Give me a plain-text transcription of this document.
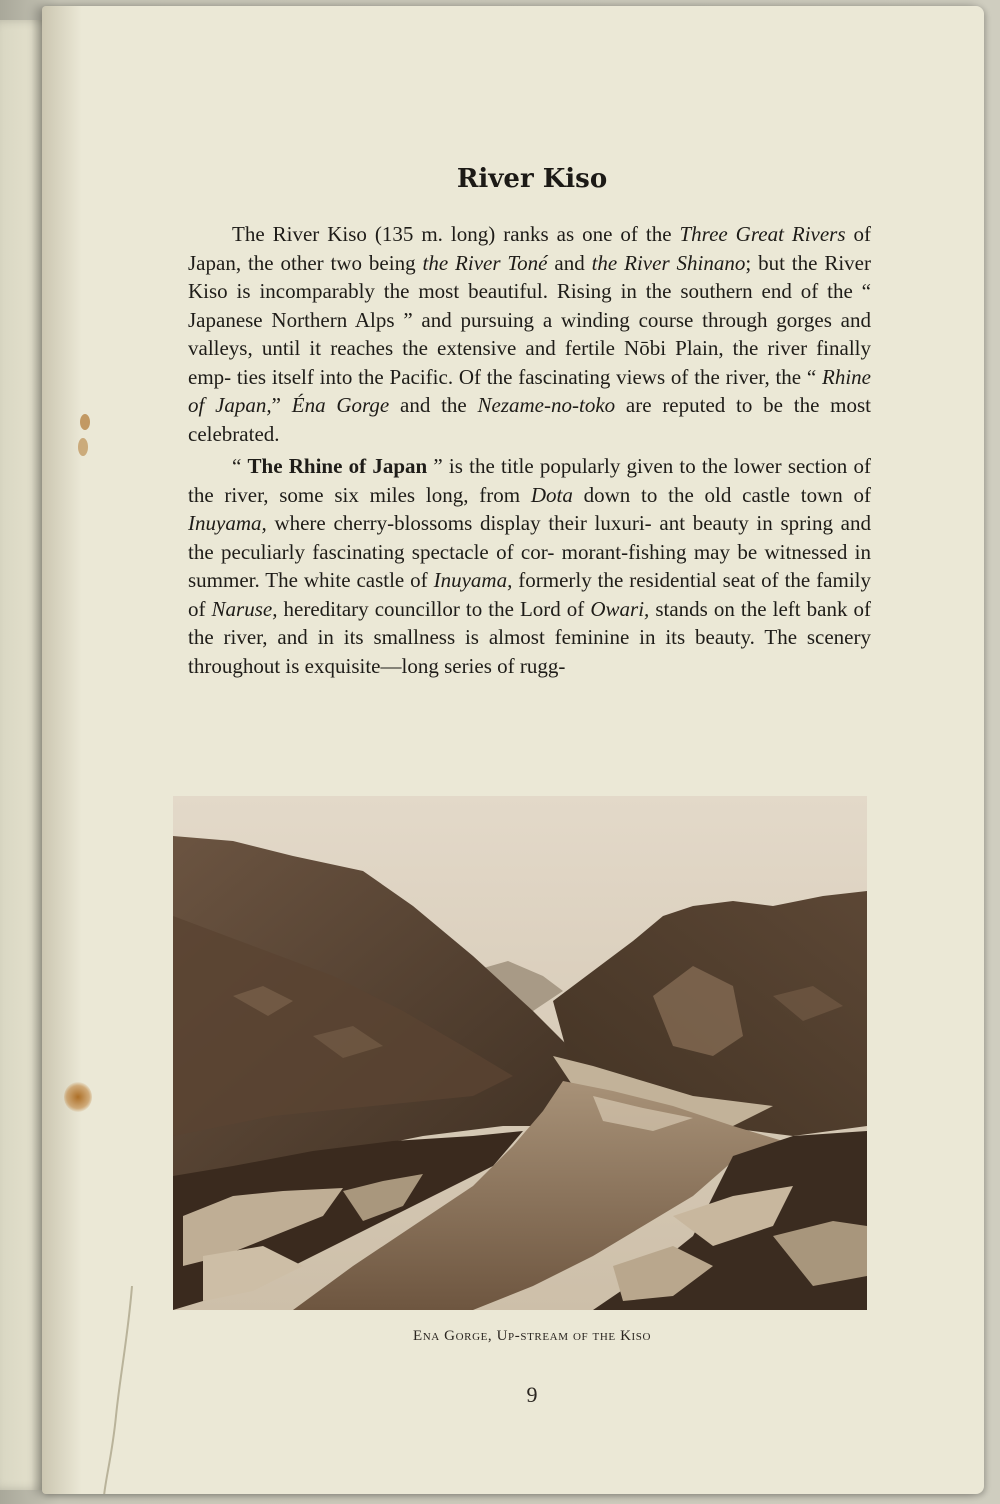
River Kiso

The River Kiso (135 m. long) ranks as one of the Three Great Rivers of Japan, the other two being the River Toné and the River Shinano; but the River Kiso is incomparably the most beautiful. Rising in the southern end of the “ Japanese Northern Alps ” and pursuing a winding course through gorges and valleys, until it reaches the extensive and fertile Nōbi Plain, the river finally emp- ties itself into the Pacific. Of the fascinating views of the river, the “ Rhine of Japan,” Éna Gorge and the Nezame-no-toko are reputed to be the most celebrated.

“ The Rhine of Japan ” is the title popularly given to the lower section of the river, some six miles long, from Dota down to the old castle town of Inuyama, where cherry-blossoms display their luxuri- ant beauty in spring and the peculiarly fascinating spectacle of cor- morant-fishing may be witnessed in summer. The white castle of Inuyama, formerly the residential seat of the family of Naruse, hereditary councillor to the Lord of Owari, stands on the left bank of the river, and in its smallness is almost feminine in its beauty. The scenery throughout is exquisite—long series of rugg-

Ena Gorge, Up-stream of the Kiso

9
